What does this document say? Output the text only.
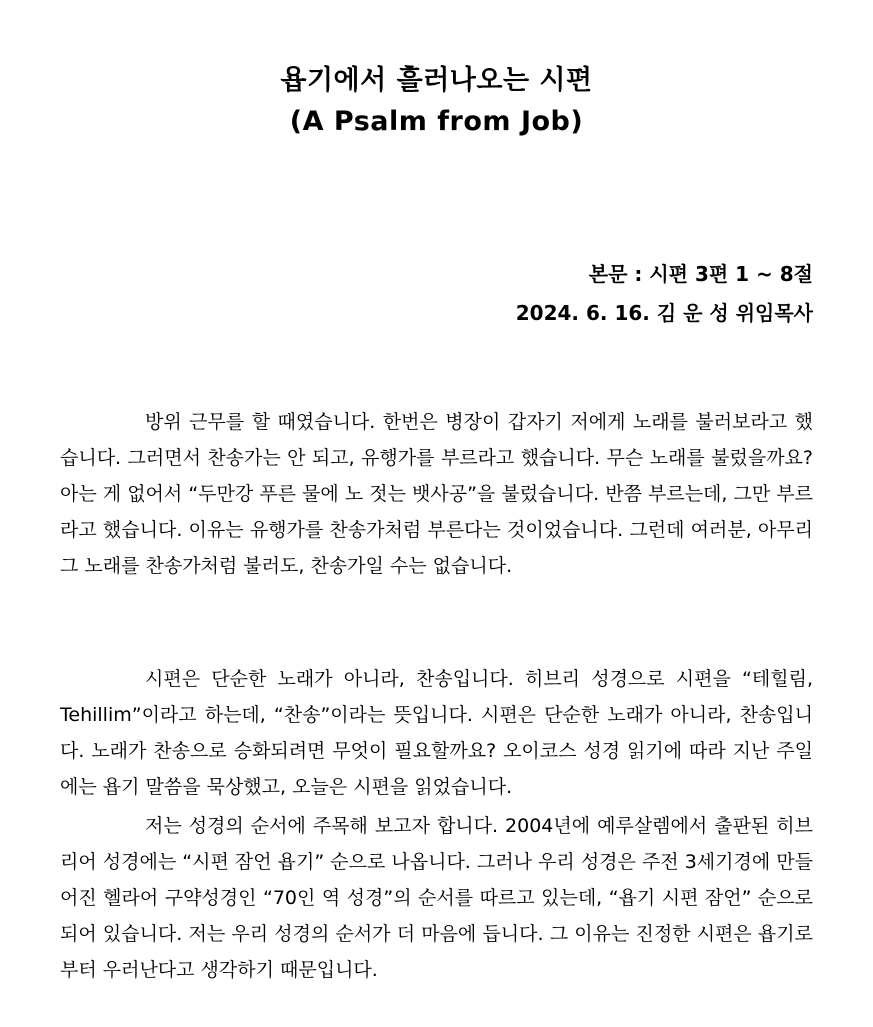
욥기에서 흘러나오는 시편
(A Psalm from Job)
본문 : 시편 3편 1 ~ 8절
2024. 6. 16. 김 운 성 위임목사

방위 근무를 할 때였습니다. 한번은 병장이 갑자기 저에게 노래를 불러보라고 했습니다. 그러면서 찬송가는 안 되고, 유행가를 부르라고 했습니다. 무슨 노래를 불렀을까요? 아는 게 없어서 “두만강 푸른 물에 노 젓는 뱃사공”을 불렀습니다. 반쯤 부르는데, 그만 부르라고 했습니다. 이유는 유행가를 찬송가처럼 부른다는 것이었습니다. 그런데 여러분, 아무리 그 노래를 찬송가처럼 불러도, 찬송가일 수는 없습니다.

시편은 단순한 노래가 아니라, 찬송입니다. 히브리 성경으로 시편을 “테힐림, Tehillim”이라고 하는데, “찬송”이라는 뜻입니다. 시편은 단순한 노래가 아니라, 찬송입니다. 노래가 찬송으로 승화되려면 무엇이 필요할까요? 오이코스 성경 읽기에 따라 지난 주일에는 욥기 말씀을 묵상했고, 오늘은 시편을 읽었습니다.

저는 성경의 순서에 주목해 보고자 합니다. 2004년에 예루살렘에서 출판된 히브리어 성경에는 “시편 잠언 욥기” 순으로 나옵니다. 그러나 우리 성경은 주전 3세기경에 만들어진 헬라어 구약성경인 “70인 역 성경”의 순서를 따르고 있는데, “욥기 시편 잠언” 순으로 되어 있습니다. 저는 우리 성경의 순서가 더 마음에 듭니다. 그 이유는 진정한 시편은 욥기로부터 우러난다고 생각하기 때문입니다.
